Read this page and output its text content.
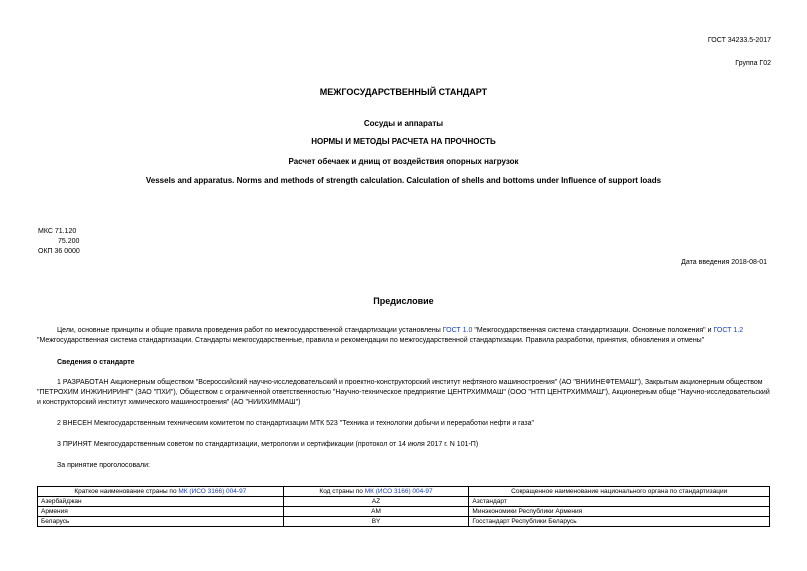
ГОСТ 34233.5-2017
Группа Г02
МЕЖГОСУДАРСТВЕННЫЙ СТАНДАРТ
Сосуды и аппараты
НОРМЫ И МЕТОДЫ РАСЧЕТА НА ПРОЧНОСТЬ
Расчет обечаек и днищ от воздействия опорных нагрузок
Vessels and apparatus. Norms and methods of strength calculation. Calculation of shells and bottoms under Influence of support loads
МКС 71.120
75.200
ОКП 36 0000
Дата введения 2018-08-01
Предисловие
Цели, основные принципы и общие правила проведения работ по межгосударственной стандартизации установлены ГОСТ 1.0 "Межгосударственная система стандартизации. Основные положения" и ГОСТ 1.2 "Межгосударственная система стандартизации. Стандарты межгосударственные, правила и рекомендации по межгосударственной стандартизации. Правила разработки, принятия, обновления и отмены"
Сведения о стандарте
1 РАЗРАБОТАН Акционерным обществом "Всероссийский научно-исследовательский и проектно-конструкторский институт нефтяного машиностроения" (АО "ВНИИНЕФТЕМАШ"), Закрытым акционерным обществом "ПЕТРОХИМ ИНЖИНИРИНГ" (ЗАО "ПХИ"), Обществом с ограниченной ответственностью "Научно-техническое предприятие ЦЕНТРХИММАШ" (ООО "НТП ЦЕНТРХИММАШ"), Акционерным обще "Научно-исследовательский и конструкторский институт химического машиностроения" (АО "НИИХИММАШ")
2 ВНЕСЕН Межгосударственным техническим комитетом по стандартизации МТК 523 "Техника и технологии добычи и переработки нефти и газа"
3 ПРИНЯТ Межгосударственным советом по стандартизации, метрологии и сертификации (протокол от 14 июля 2017 г. N 101-П)
За принятие проголосовали:
Краткое наименование страны по МК (ИСО 3166) 004-97	Код страны по МК (ИСО 3166) 004-97	Сокращенное наименование национального органа по стандартизации
Азербайджан	AZ	Азстандарт
Армения	AM	Минэкономики Республики Армения
Беларусь	BY	Госстандарт Республики Беларусь
